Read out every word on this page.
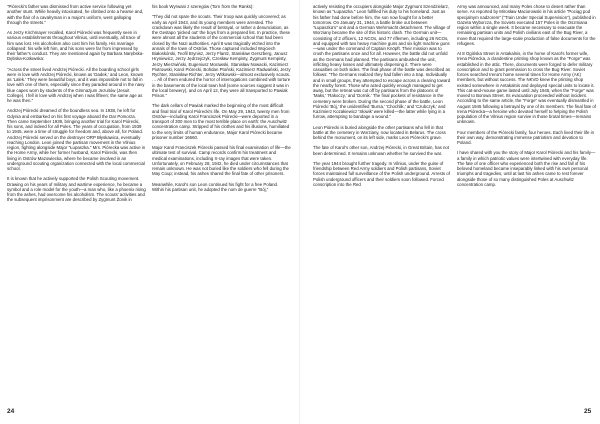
"Piórecki's father was dismissed from active service following yet another stunt. While heavily intoxicated, he climbed onto a hearse and, with the flair of a cavalryman in a major's uniform, went galloping through the streets."

As Jerzy Kirchmayer recalled, Karol Piórecki was frequently seen in various establishments throughout Vilnius, until eventually, all trace of him was lost. His alcoholism also cost him his family. His marriage collapsed: his wife left him, and his sons were far from impressed by their father's conduct. They are mentioned again by Barbara Narębska-Dębska-Kotłowska:

"Across the street lived Andrzej Piórecki. All the boarding school girls were in love with Andrzej Piórecki, known as 'Dadek,' and Leon, known as 'Lalek.' They were beautiful boys, and it was impossible not to fall in love with one of them, especially since they paraded around in the navy blue capes worn by students of the Gimnazjum Jezuitów (Jesuit College). I fell in love with Andrzej when I was fifteen; the same age as he was then."

Andrzej Piórecki dreamed of the boundless sea. In 1938, he left for Gdynia and embarked on his first voyage aboard the Dar Pomorza. Then came September 1939, bringing another trial for Karol Piórecki, his sons, and indeed for all Poles. The years of occupation, from 1939 to 1945, were a time of struggle for freedom and, above all, for Poland. Andrzej Piórecki served on the destroyer ORP Błyskawica, eventually reaching London. Leon joined the partisan movement in the Vilnius region, fighting alongside Major "Łupaszka." Mrs. Piórecka was active in the Home Army, while her former husband, Karol Piórecki, was then living in Ostrów Mazowiecka, where he became involved in an underground scouting organization connected with the local commercial school.

It is known that he actively supported the Polish Scouting movement. Drawing on his years of military and wartime experience, he became a symbol and a role model for the youth—a man who, like a phoenix rising from the ashes, had overcome his alcoholism. The scouts' activities and the subsequent imprisonment are described by Zygmunt Żonik in

his book Wyrwani z szeregów (Torn from the Ranks):

"They did not spare the scouts. Their troop was quickly uncovered; as early as April 1943, and its young members were arrested. The crackdown was likely the result of betrayal, or rather a denunciation, as the Gestapo 'picked out' the boys from a prepared list. In practice, these were almost all the students of the commercial school that had been closed by the Nazi authorities. April 8 was tragically etched into the annals of the town of Ostrów. Those captured included Wojciech Białoskórski, Teofil Brynisz, Jerzy Flantz, Stanisław Gerszberg, Janusz Hryniewicz, Jerzy Jędrzejczyk, Czesław Kempisty, Zygmunt Kempisty, Jerzy Mierzwiński, Eugeniusz Morawski, Stanisław Nowacki, Kazimierz Piotrowski, Karol Piórecki, Bohdan Ptoński, Kazimierz Radwański, Jerzy Rychter, Stanisław Richter, Jerzy Witkowski—almost exclusively scouts. … All of them endured the horror of interrogations combined with torture in the basements of the local town hall (some sources suggest it was in the local brewery), and on April 12, they were all transported to Pawiak Prison."

The dark cellars of Pawiak marked the beginning of the most difficult and final trial of Karol Piórecki's life. On May 29, 1943, twenty men from Ostrów—including Karol Franciszek Piórecki—were deported in a transport of 300 men to the most terrible place on earth: the Auschwitz concentration camp. Stripped of his clothes and his illusions, humiliated to the very limits of human endurance, Major Karol Piórecki became prisoner number 16660.

Major Karol Franciszek Piórecki passed his final examination of life—the ultimate test of survival. Camp records confirm his treatment and medical examinations, including X-ray images that were taken. Unfortunately, on February 28, 1942, he died under circumstances that remain unknown. He was not buried like the soldiers who fell during the May Coup; instead, his ashes shared the final fate of other prisoners.

Meanwhile, Karol's son Leon continued his fight for a free Poland. Within his partisan unit, he adopted the nom de guerre "Bój,"

actively resisting the occupiers alongside Major Zygmunt Szendzielarz, known as "Łupaszka." Leon fulfilled his duty to his homeland. Just as his father had done before him, the son now fought for a better tomorrow. On January 31, 1944, a battle broke out between "Łupaszka's" unit and a German Wehrmacht detachment. The village of Worziany became the site of this historic clash. The German unit—consisting of 2 officers, 12 NCOs, and 77 riflemen, including 26 NCOs, and equipped with two heavy machine guns and six light machine guns—was under the command of Captain Knöpft. Their mission was to crush the partisans once and for all. However, the battle did not unfold as the Germans had planned. The partisans ambushed the unit, inflicting heavy losses and ultimately dispersing it. There were casualties on both sides. The final phase of the battle was described as follows: "The Germans realized they had fallen into a trap. Individually and in small groups, they attempted to escape across a clearing toward the nearby forest. Those who acted quickly enough managed to get away, but the retreat was cut off by partisans from the platoons of 'Maks,' 'Rakoczy,' and 'Dornik.' The final pockets of resistance in the cemetery were broken. During the second phase of the battle, Leon Piórecki 'Bój,' the unidentified 'Bursa,' 'Chochlik,' and 'Czubczyk,' and Kazimierz Kozakiewicz 'Słowik' were killed—the latter while lying in a furrow, attempting to bandage a wound."

Leon Piórecki is buried alongside the other partisans who fell in that battle at the cemetery in Worziany, now located in Belarus. The cross behind the monument, on its left side, marks Leon Piórecki's grave.

The fate of Karol's other son, Andrzej Piórecki, in Great Britain, has not been determined. It remains unknown whether he survived the war.

The year 1944 brought further tragedy. In Vilnius, under the guise of friendship between Red Army soldiers and Polish partisans, Soviet forces maintained full surveillance of the Polish underground. Arrests of Polish underground officers and their soldiers soon followed. Forced conscription into the Red

Army was announced, and many Poles chose to desert rather than serve. As reported by Mirosław Maciorowski in his article "Pociąg pod specjalnym nadzorem" ("Train Under Special Supervision"), published in Gazeta Wyborcza, the Soviets executed 157 Poles in the Oszmiana region within a single week. It became necessary to evacuate the remaining partisan units and Polish civilians east of the Bug River, a move that required the large-scale production of false documents for the refugees.

At 8 Ogińska Street in Antakalnis, in the home of Karol's former wife, Irena Piórecka, a clandestine printing shop known as the "Forge" was established in the attic. There, documents were forged to defer military conscription and to grant permission to cross the Bug River. Soviet forces searched Irena's home several times for Home Army (AK) members, but without success. The NKVD knew the printing shop existed somewhere in Antakalnis and deployed special units to locate it. This cat-and-mouse game lasted until July 1945, when the "Forge" was moved to Borowa Street. Its evacuation proceeded without incident. According to the same article, the "Forge" was eventually dismantled in August 1945 following a betrayal by one of its members. The final fate of Irena Piórecka—a heroine who devoted herself to helping the Polish population of the Vilnius region survive in those brutal times—remains unknown.

Four members of the Piórecki family, four heroes. Each lived their life in their own way, demonstrating immense patriotism and devotion to Poland.

I have shared with you the story of Major Karol Piórecki and his family—a family in which patriotic values were intertwined with everyday life. The fate of one officer who experienced both the rise and fall of his beloved homeland became inseparably linked with his own personal triumphs and tragedies, until at last his ashes came to rest forever alongside those of so many distinguished Poles at Auschwitz concentration camp.

24	25
